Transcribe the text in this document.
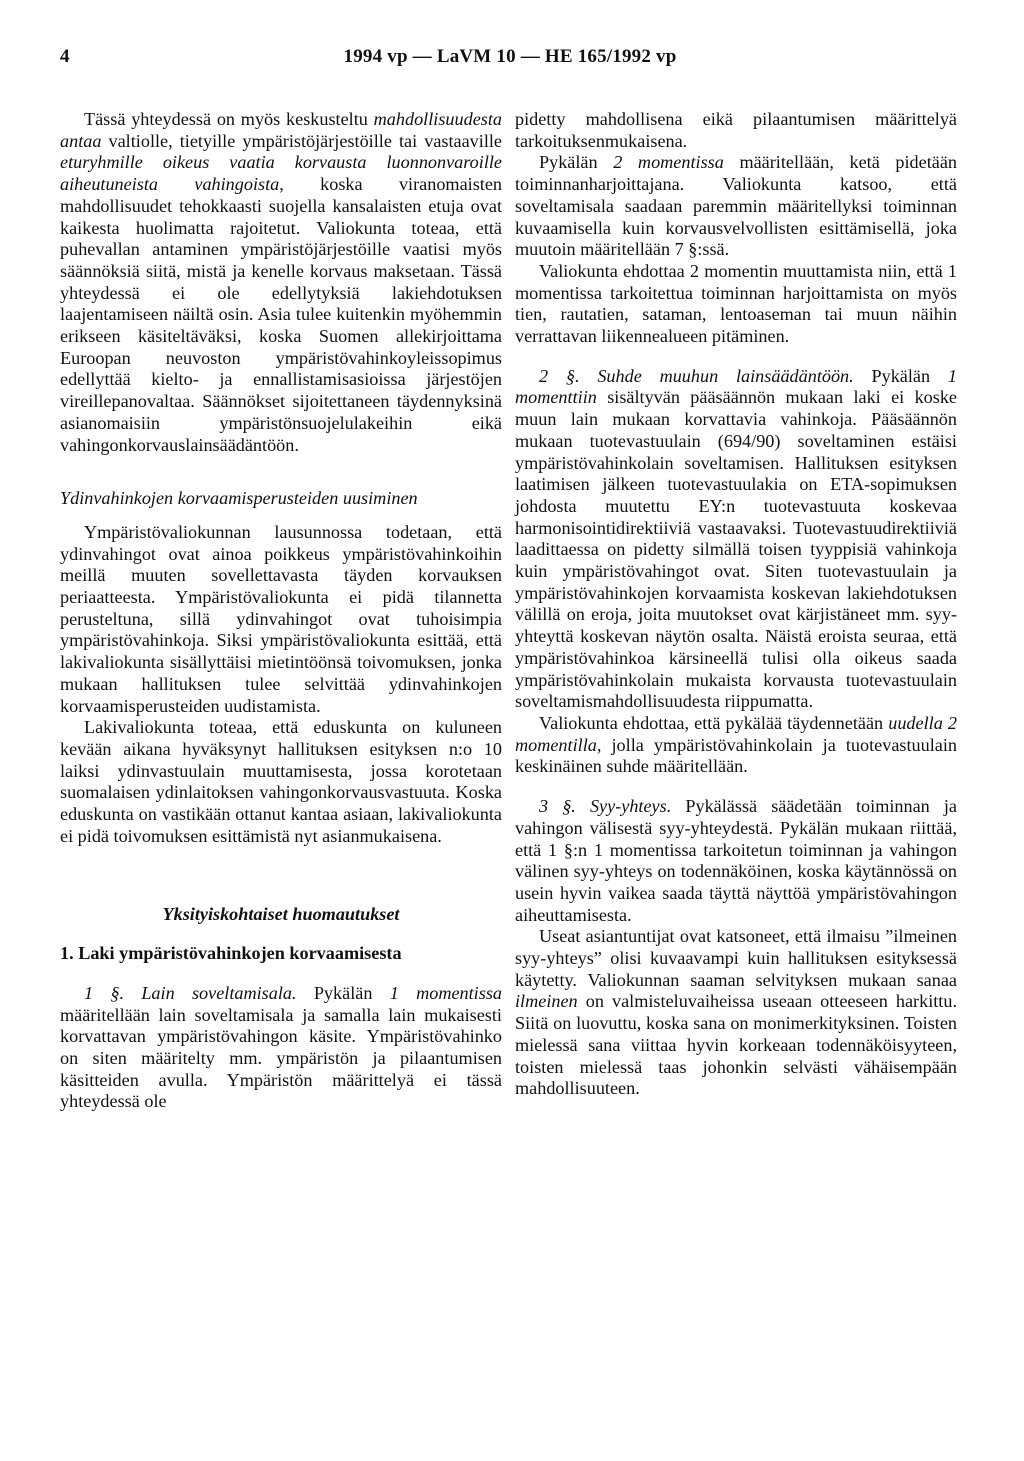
4	1994 vp — LaVM 10 — HE 165/1992 vp

Tässä yhteydessä on myös keskusteltu mahdollisuudesta antaa valtiolle, tietyille ympäristöjärjestöille tai vastaaville eturyhmille oikeus vaatia korvausta luonnonvaroille aiheutuneista vahingoista, koska viranomaisten mahdollisuudet tehokkaasti suojella kansalaisten etuja ovat kaikesta huolimatta rajoitetut. Valiokunta toteaa, että puhevallan antaminen ympäristöjärjestöille vaatisi myös säännöksiä siitä, mistä ja kenelle korvaus maksetaan. Tässä yhteydessä ei ole edellytyksiä lakiehdotuksen laajentamiseen näiltä osin. Asia tulee kuitenkin myöhemmin erikseen käsiteltäväksi, koska Suomen allekirjoittama Euroopan neuvoston ympäristövahinkoyleissopimus edellyttää kielto- ja ennallistamisasioissa järjestöjen vireillepanovaltaa. Säännökset sijoitettaneen täydennyksinä asianomaisiin ympäristönsuojelulakeihin eikä vahingonkorvauslainsäädäntöön.

Ydinvahinkojen korvaamisperusteiden uusiminen

Ympäristövaliokunnan lausunnossa todetaan, että ydinvahingot ovat ainoa poikkeus ympäristövahinkoihin meillä muuten sovellettavasta täyden korvauksen periaatteesta. Ympäristövaliokunta ei pidä tilannetta perusteltuna, sillä ydinvahingot ovat tuhoisimpia ympäristövahinkoja. Siksi ympäristövaliokunta esittää, että lakivaliokunta sisällyttäisi mietintöönsä toivomuksen, jonka mukaan hallituksen tulee selvittää ydinvahinkojen korvaamisperusteiden uudistamista.

Lakivaliokunta toteaa, että eduskunta on kuluneen kevään aikana hyväksynyt hallituksen esityksen n:o 10 laiksi ydinvastuulain muuttamisesta, jossa korotetaan suomalaisen ydinlaitoksen vahingonkorvausvastuuta. Koska eduskunta on vastikään ottanut kantaa asiaan, lakivaliokunta ei pidä toivomuksen esittämistä nyt asianmukaisena.

Yksityiskohtaiset huomautukset
1. Laki ympäristövahinkojen korvaamisesta

1 §. Lain soveltamisala. Pykälän 1 momentissa määritellään lain soveltamisala ja samalla lain mukaisesti korvattavan ympäristövahingon käsite. Ympäristövahinko on siten määritelty mm. ympäristön ja pilaantumisen käsitteiden avulla. Ympäristön määrittelyä ei tässä yhteydessä ole

pidetty mahdollisena eikä pilaantumisen määrittelyä tarkoituksenmukaisena.

Pykälän 2 momentissa määritellään, ketä pidetään toiminnanharjoittajana. Valiokunta katsoo, että soveltamisala saadaan paremmin määritellyksi toiminnan kuvaamisella kuin korvausvelvollisten esittämisellä, joka muutoin määritellään 7 §:ssä.

Valiokunta ehdottaa 2 momentin muuttamista niin, että 1 momentissa tarkoitettua toiminnan harjoittamista on myös tien, rautatien, sataman, lentoaseman tai muun näihin verrattavan liikennealueen pitäminen.

2 §. Suhde muuhun lainsäädäntöön. Pykälän 1 momenttiin sisältyvän pääsäännön mukaan laki ei koske muun lain mukaan korvattavia vahinkoja. Pääsäännön mukaan tuotevastuulain (694/90) soveltaminen estäisi ympäristövahinkolain soveltamisen. Hallituksen esityksen laatimisen jälkeen tuotevastuulakia on ETA-sopimuksen johdosta muutettu EY:n tuotevastuuta koskevaa harmonisointidirektiiviä vastaavaksi. Tuotevastuudirektiiviä laadittaessa on pidetty silmällä toisen tyyppisiä vahinkoja kuin ympäristövahingot ovat. Siten tuotevastuulain ja ympäristövahinkojen korvaamista koskevan lakiehdotuksen välillä on eroja, joita muutokset ovat kärjistäneet mm. syy-yhteyttä koskevan näytön osalta. Näistä eroista seuraa, että ympäristövahinkoa kärsineellä tulisi olla oikeus saada ympäristövahinkolain mukaista korvausta tuotevastuulain soveltamismahdollisuudesta riippumatta.

Valiokunta ehdottaa, että pykälää täydennetään uudella 2 momentilla, jolla ympäristövahinkolain ja tuotevastuulain keskinäinen suhde määritellään.

3 §. Syy-yhteys. Pykälässä säädetään toiminnan ja vahingon välisestä syy-yhteydestä. Pykälän mukaan riittää, että 1 §:n 1 momentissa tarkoitetun toiminnan ja vahingon välinen syy-yhteys on todennäköinen, koska käytännössä on usein hyvin vaikea saada täyttä näyttöä ympäristövahingon aiheuttamisesta.

Useat asiantuntijat ovat katsoneet, että ilmaisu ”ilmeinen syy-yhteys” olisi kuvaavampi kuin hallituksen esityksessä käytetty. Valiokunnan saaman selvityksen mukaan sanaa ilmeinen on valmisteluvaiheissa useaan otteeseen harkittu. Siitä on luovuttu, koska sana on monimerkityksinen. Toisten mielessä sana viittaa hyvin korkeaan todennäköisyyteen, toisten mielessä taas johonkin selvästi vähäisempään mahdollisuuteen.
